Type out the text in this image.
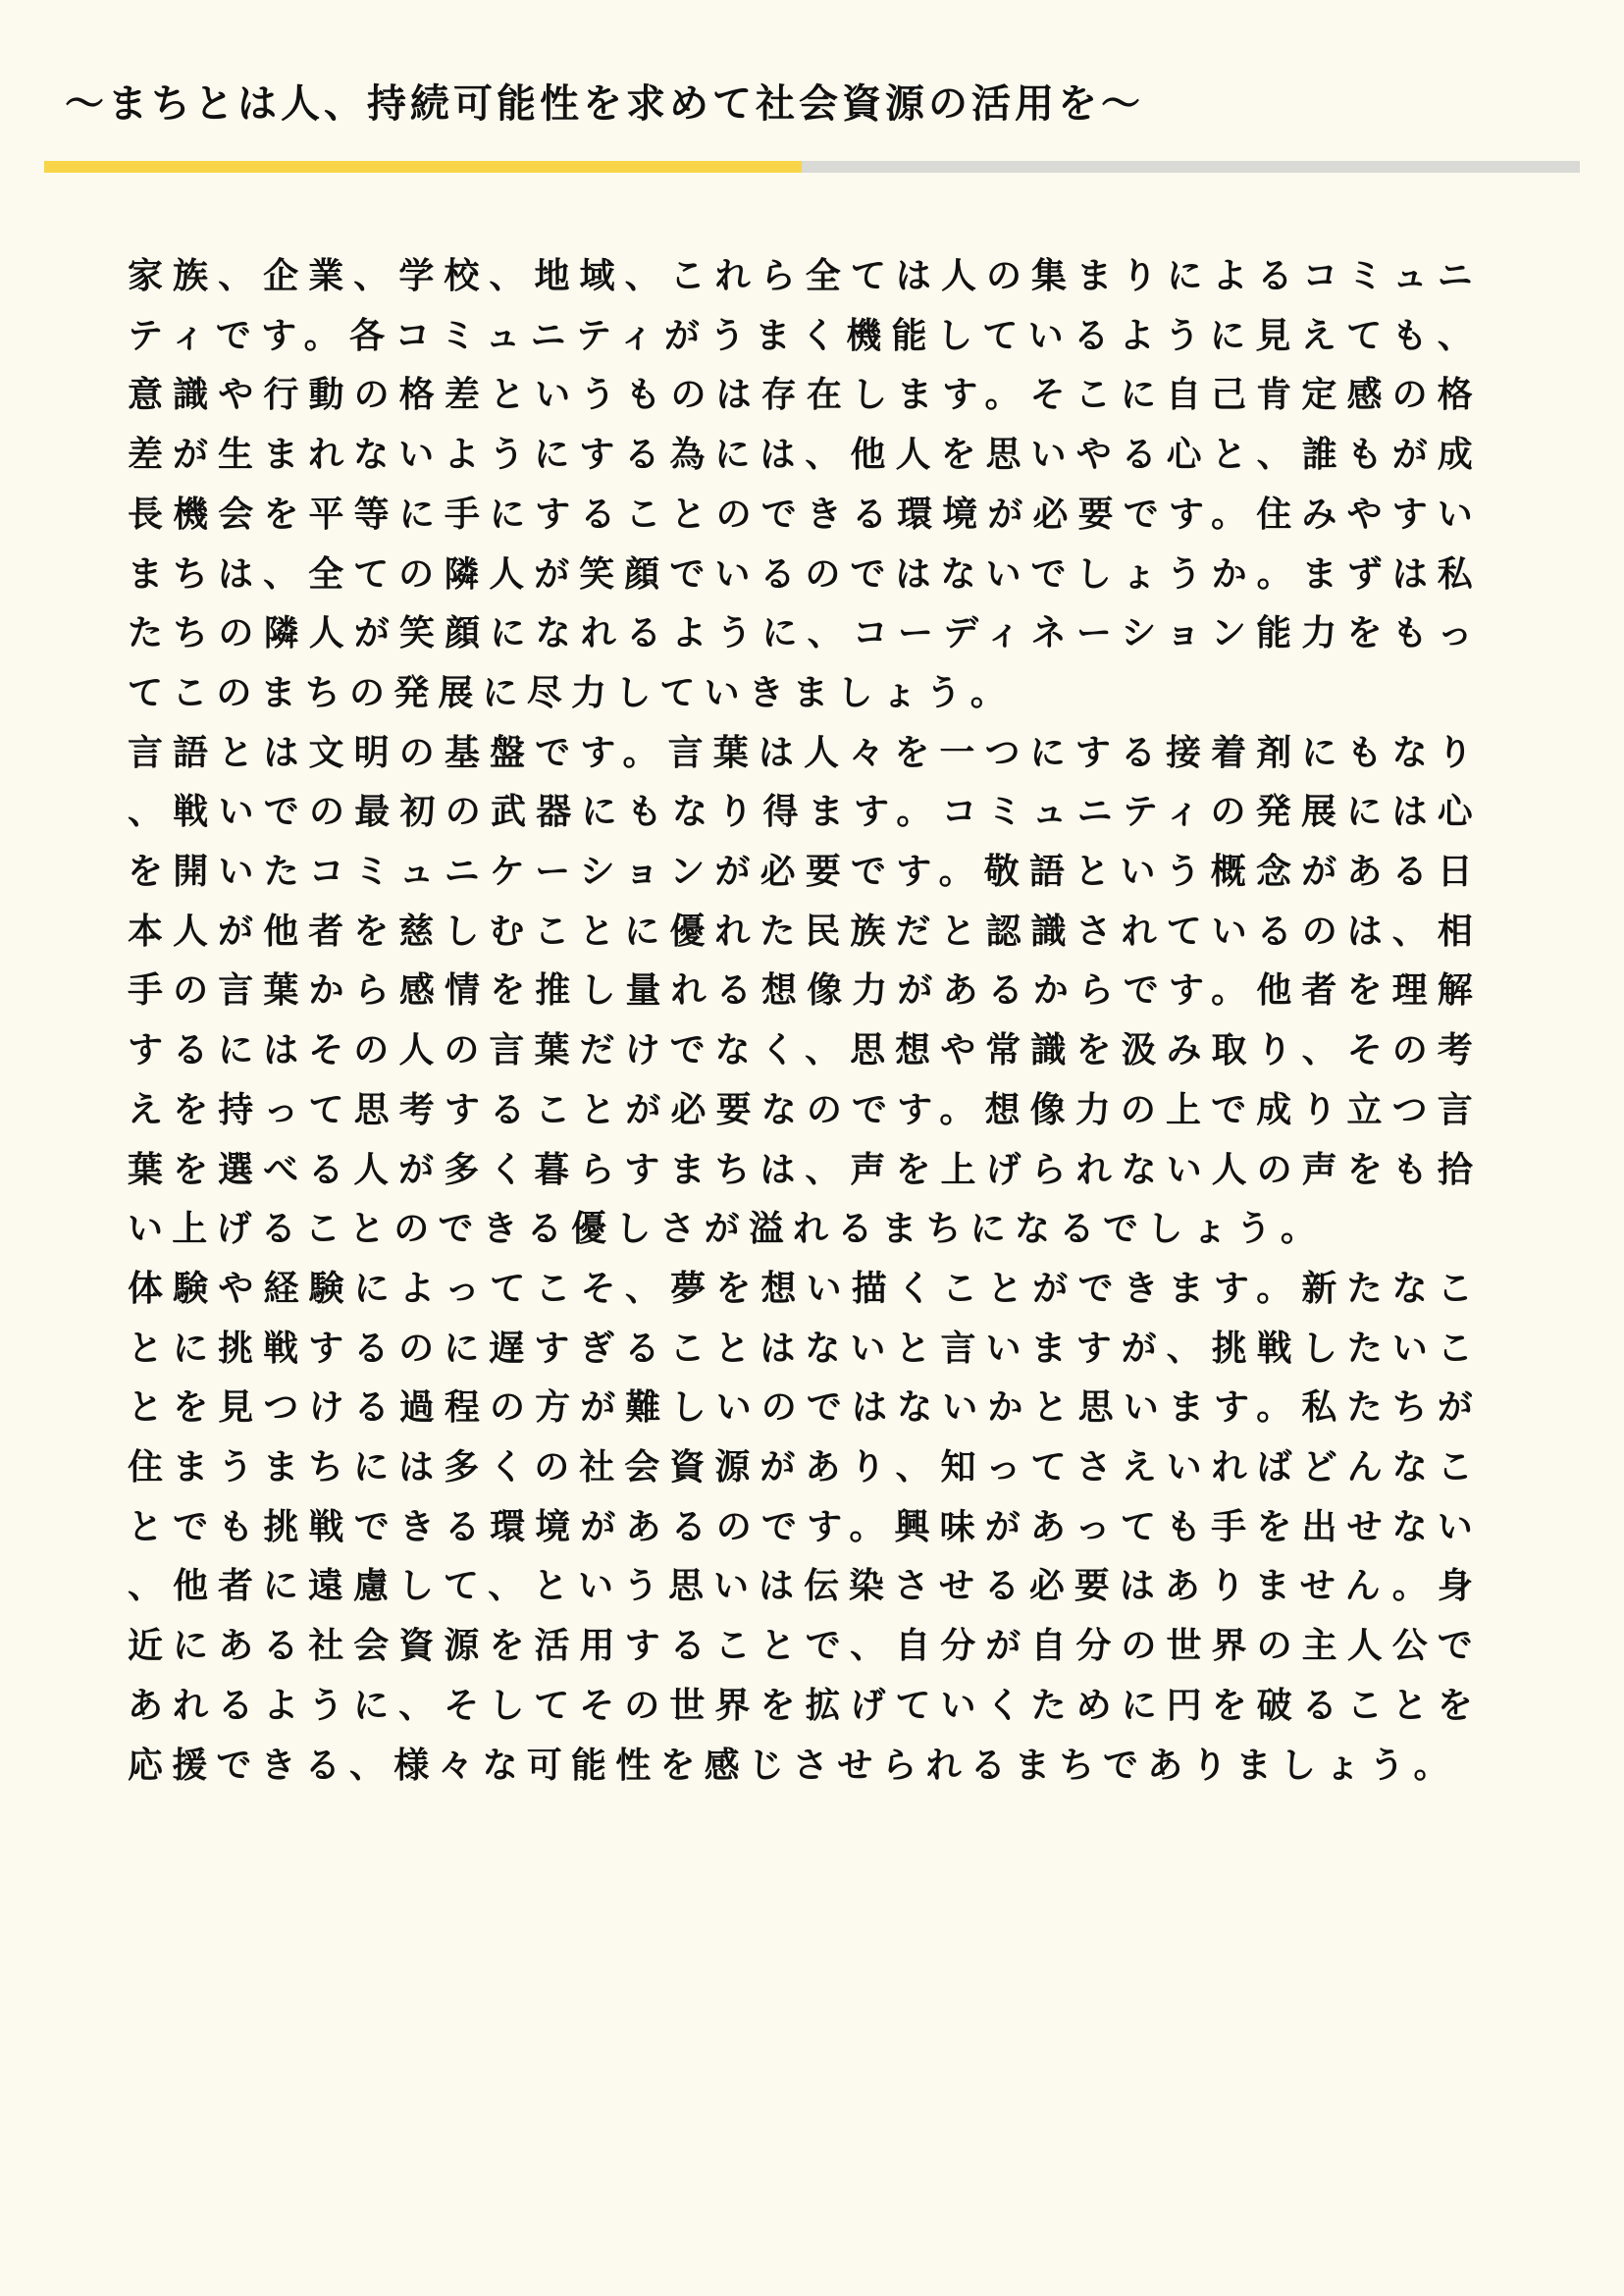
〜まちとは人、持続可能性を求めて社会資源の活用を〜

家族、企業、学校、地域、これら全ては人の集まりによるコミュニティです。各コミュニティがうまく機能しているように見えても、意識や行動の格差というものは存在します。そこに自己肯定感の格差が生まれないようにする為には、他人を思いやる心と、誰もが成長機会を平等に手にすることのできる環境が必要です。住みやすいまちは、全ての隣人が笑顔でいるのではないでしょうか。まずは私たちの隣人が笑顔になれるように、コーディネーション能力をもってこのまちの発展に尽力していきましょう。

言語とは文明の基盤です。言葉は人々を一つにする接着剤にもなり、戦いでの最初の武器にもなり得ます。コミュニティの発展には心を開いたコミュニケーションが必要です。敬語という概念がある日本人が他者を慈しむことに優れた民族だと認識されているのは、相手の言葉から感情を推し量れる想像力があるからです。他者を理解するにはその人の言葉だけでなく、思想や常識を汲み取り、その考えを持って思考することが必要なのです。想像力の上で成り立つ言葉を選べる人が多く暮らすまちは、声を上げられない人の声をも拾い上げることのできる優しさが溢れるまちになるでしょう。

体験や経験によってこそ、夢を想い描くことができます。新たなことに挑戦するのに遅すぎることはないと言いますが、挑戦したいことを見つける過程の方が難しいのではないかと思います。私たちが住まうまちには多くの社会資源があり、知ってさえいればどんなことでも挑戦できる環境があるのです。興味があっても手を出せない、他者に遠慮して、という思いは伝染させる必要はありません。身近にある社会資源を活用することで、自分が自分の世界の主人公であれるように、そしてその世界を拡げていくために円を破ることを応援できる、様々な可能性を感じさせられるまちでありましょう。
